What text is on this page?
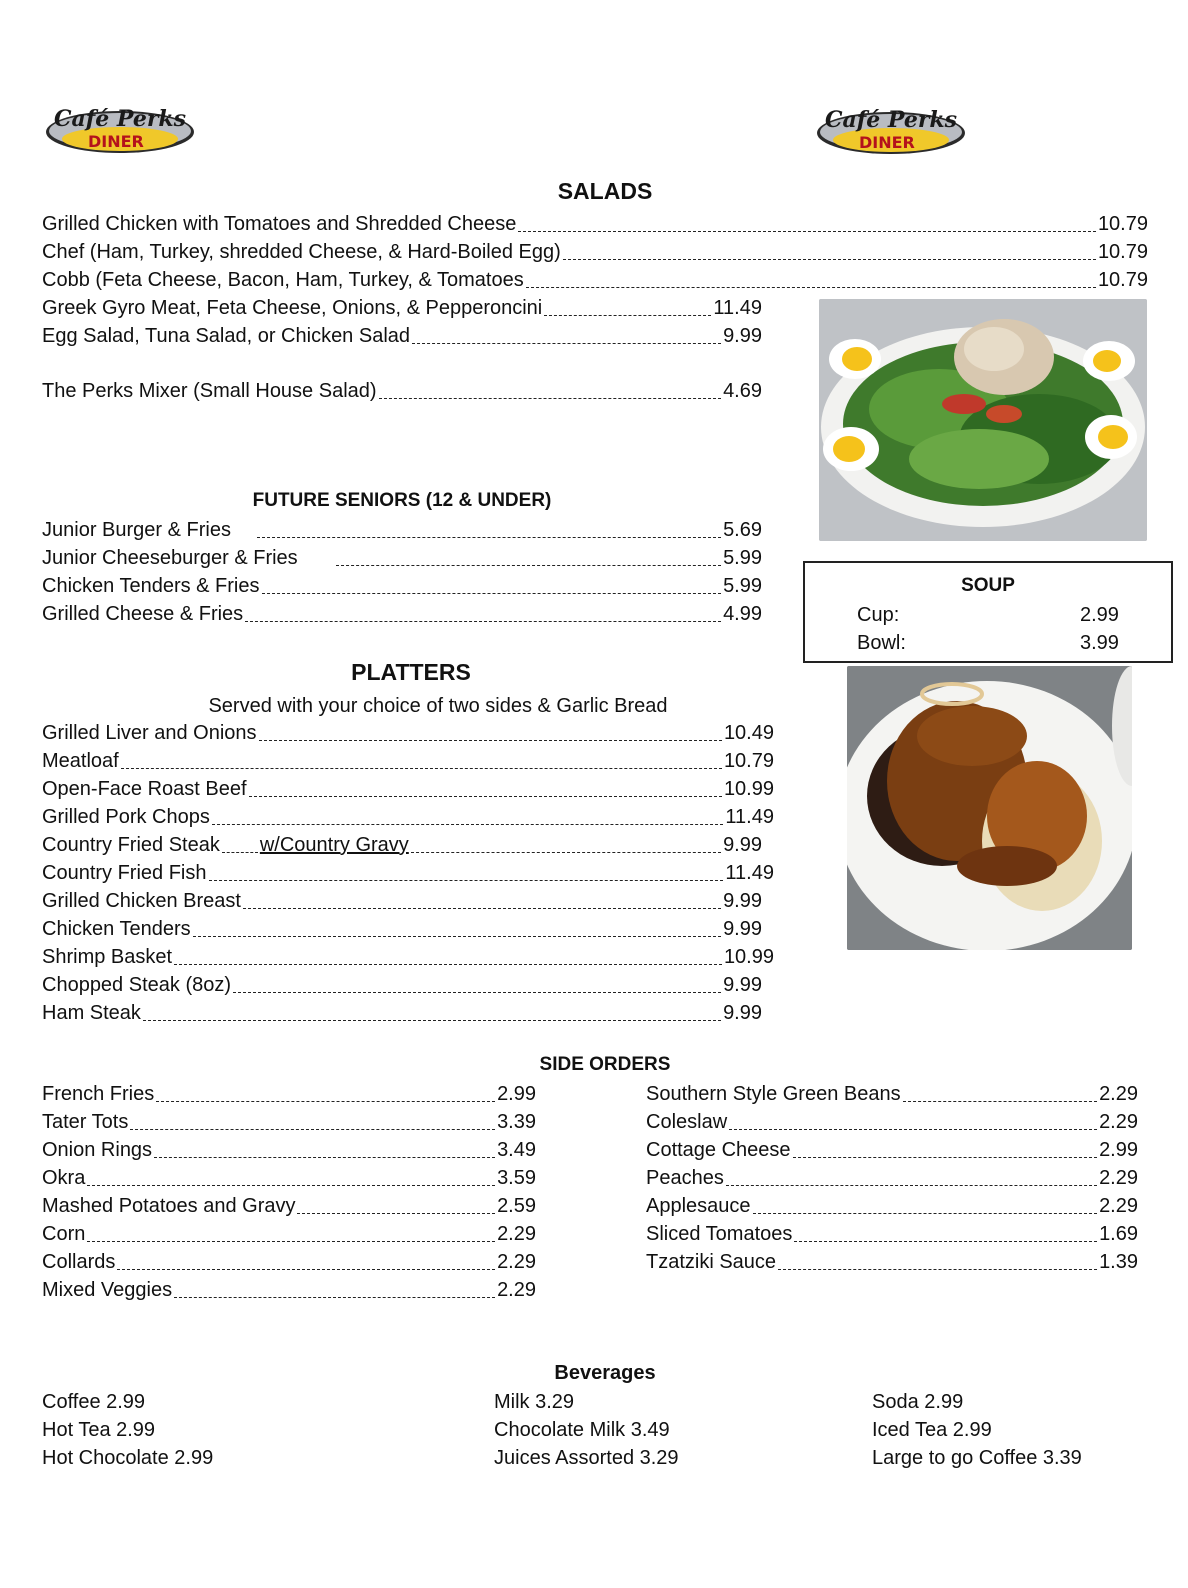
Café Perks
DINER
Café Perks
DINER
SALADS
Grilled Chicken with Tomatoes and Shredded Cheese	10.79
Chef (Ham, Turkey, shredded Cheese, & Hard-Boiled Egg)	10.79
Cobb (Feta Cheese, Bacon, Ham, Turkey, & Tomatoes	10.79
Greek Gyro Meat, Feta Cheese, Onions, & Pepperoncini	11.49
Egg Salad, Tuna Salad, or Chicken Salad	9.99
The Perks Mixer (Small House Salad)	4.69
FUTURE SENIORS (12 & UNDER)
Junior Burger & Fries	5.69
Junior Cheeseburger & Fries	5.99
Chicken Tenders & Fries	5.99
Grilled Cheese & Fries	4.99
SOUP
Cup:	2.99
Bowl:	3.99
PLATTERS
Served with your choice of two sides & Garlic Bread
Grilled Liver and Onions	10.49
Meatloaf	10.79
Open-Face Roast Beef	10.99
Grilled Pork Chops	11.49
Country Fried Steak w/Country Gravy	9.99
Country Fried Fish	11.49
Grilled Chicken Breast	9.99
Chicken Tenders	9.99
Shrimp Basket	10.99
Chopped Steak (8oz)	9.99
Ham Steak	9.99
SIDE ORDERS
French Fries	2.99
Tater Tots	3.39
Onion Rings	3.49
Okra	3.59
Mashed Potatoes and Gravy	2.59
Corn	2.29
Collards	2.29
Mixed Veggies	2.29
Southern Style Green Beans	2.29
Coleslaw	2.29
Cottage Cheese	2.99
Peaches	2.29
Applesauce	2.29
Sliced Tomatoes	1.69
Tzatziki Sauce	1.39
Beverages
Coffee 2.99
Hot Tea 2.99
Hot Chocolate 2.99
Milk 3.29
Chocolate Milk 3.49
Juices Assorted 3.29
Soda 2.99
Iced Tea 2.99
Large to go Coffee 3.39
